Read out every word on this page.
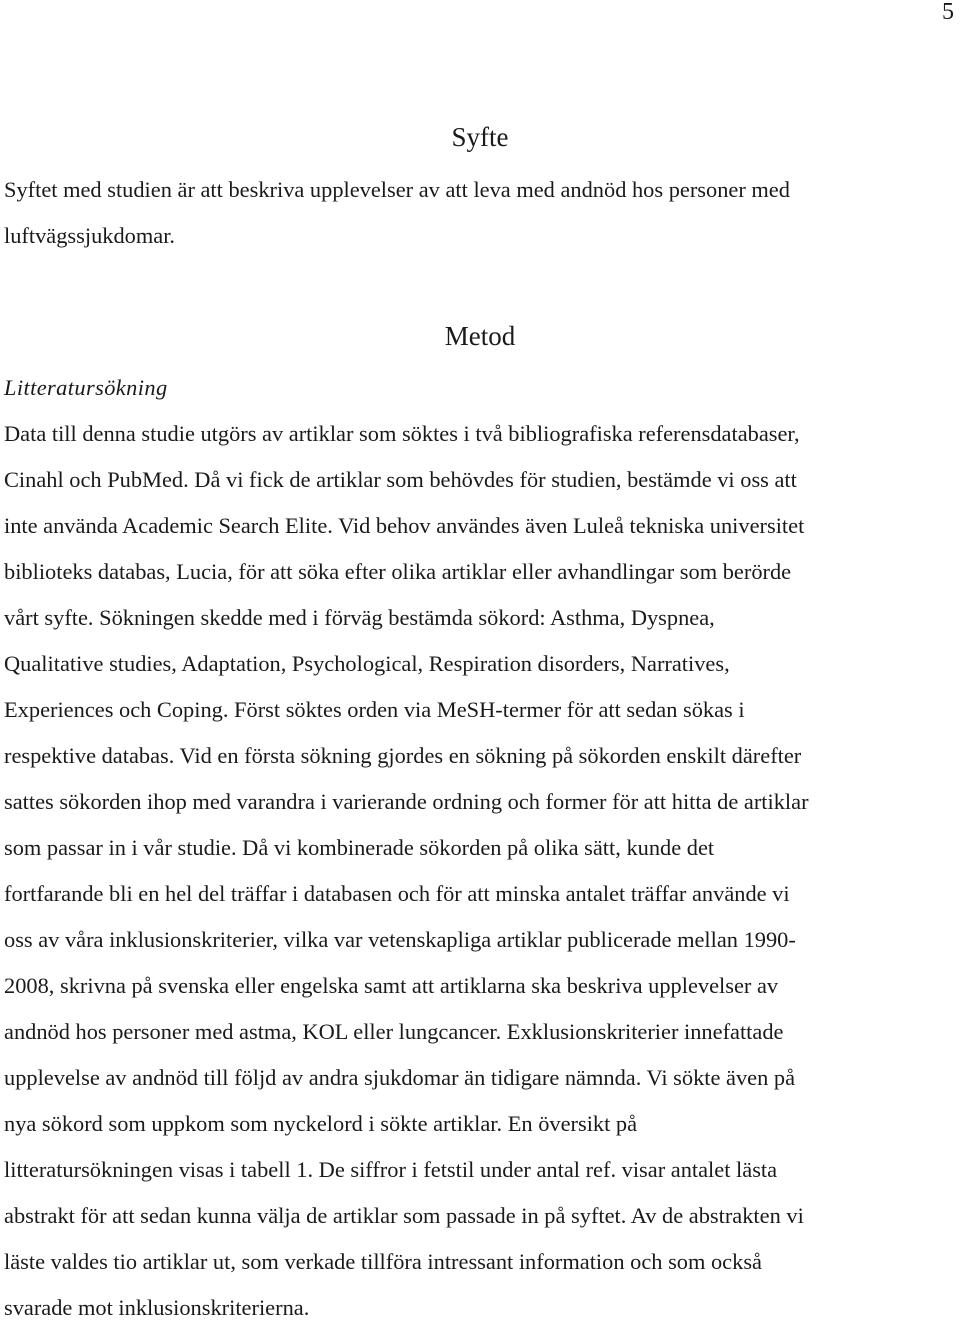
5
Syfte
Syftet med studien är att beskriva upplevelser av att leva med andnöd hos personer med
luftvägssjukdomar.
Metod
Litteratursökning
Data till denna studie utgörs av artiklar som söktes i två bibliografiska referensdatabaser,
Cinahl och PubMed. Då vi fick de artiklar som behövdes för studien, bestämde vi oss att
inte använda Academic Search Elite. Vid behov användes även Luleå tekniska universitet
biblioteks databas, Lucia, för att söka efter olika artiklar eller avhandlingar som berörde
vårt syfte. Sökningen skedde med i förväg bestämda sökord: Asthma, Dyspnea,
Qualitative studies, Adaptation, Psychological, Respiration disorders, Narratives,
Experiences och Coping. Först söktes orden via MeSH-termer för att sedan sökas i
respektive databas. Vid en första sökning gjordes en sökning på sökorden enskilt därefter
sattes sökorden ihop med varandra i varierande ordning och former för att hitta de artiklar
som passar in i vår studie. Då vi kombinerade sökorden på olika sätt, kunde det
fortfarande bli en hel del träffar i databasen och för att minska antalet träffar använde vi
oss av våra inklusionskriterier, vilka var vetenskapliga artiklar publicerade mellan 1990-
2008, skrivna på svenska eller engelska samt att artiklarna ska beskriva upplevelser av
andnöd hos personer med astma, KOL eller lungcancer. Exklusionskriterier innefattade
upplevelse av andnöd till följd av andra sjukdomar än tidigare nämnda. Vi sökte även på
nya sökord som uppkom som nyckelord i sökte artiklar. En översikt på
litteratursökningen visas i tabell 1. De siffror i fetstil under antal ref. visar antalet lästa
abstrakt för att sedan kunna välja de artiklar som passade in på syftet. Av de abstrakten vi
läste valdes tio artiklar ut, som verkade tillföra intressant information och som också
svarade mot inklusionskriterierna.
